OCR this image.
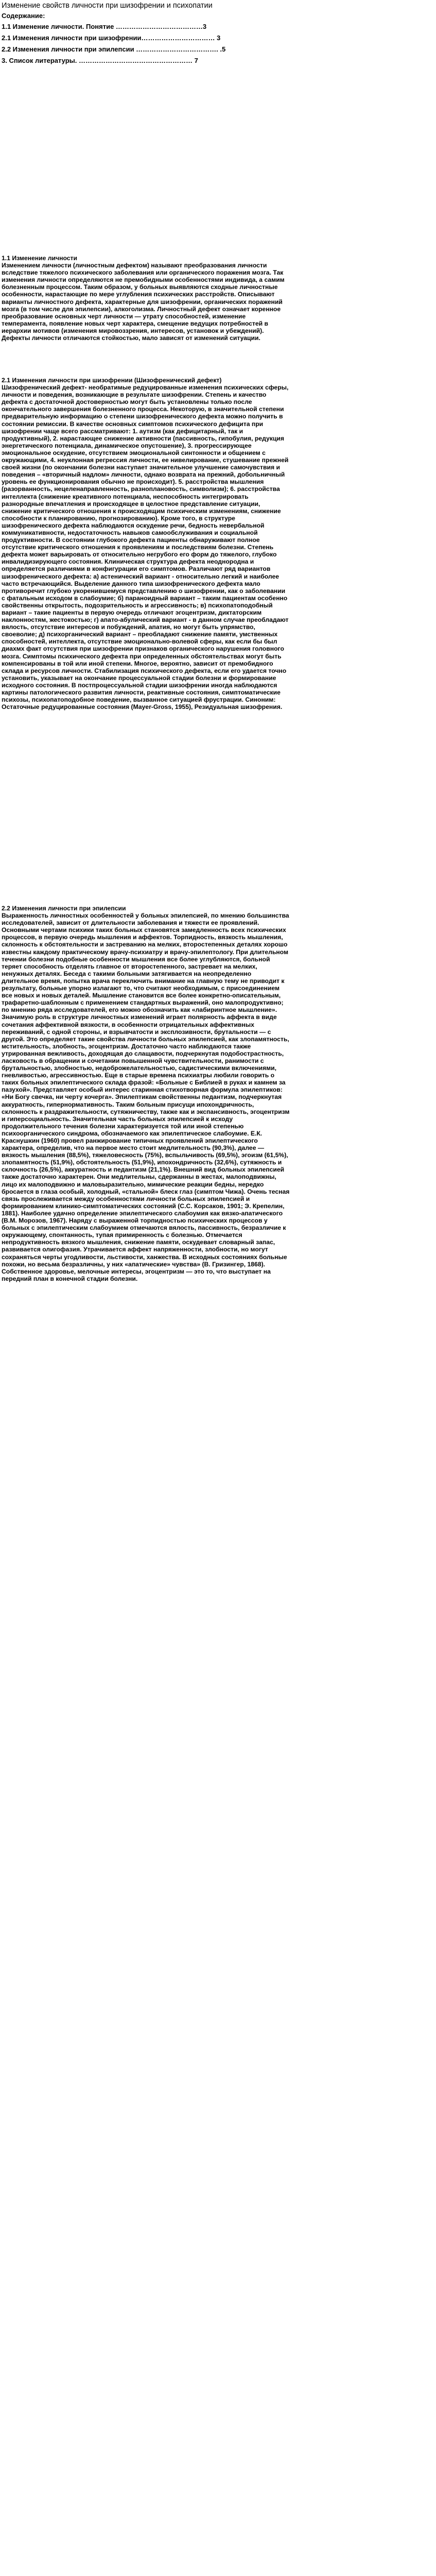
Изменение свойств личности при шизофрении и психопатии
Содержание:
1.1 Изменение личности. Понятие …………………………………3
2.1 Изменения личности при шизофрении…………………………… 3
2.2 Изменения личности при эпилепсии ………………………………. .5
3. Список литературы. …………………………………………… 7

1.1 Изменение личности

Изменением личности (личностным дефектом) называют преобразования личности вследствие тяжелого психического заболевания или органического поражения мозга. Так изменения личности определяются не премобидными особенностями индивида, а самим болезненным процессом. Таким образом, у больных выявляются сходные личностные особенности, нарастающие по мере углубления психических расстройств. Описывают варианты личностного дефекта, характерные для шизофрении, органических поражений мозга (в том числе для эпилепсии), алкоголизма. Личностный дефект означает коренное преобразование основных черт личности — утрату способностей, изменение темперамента, появление новых черт характера, смещение ведущих потребностей в иерархии мотивов (изменения мировоззрения, интересов, установок и убеждений). Дефекты личности отличаются стойкостью, мало зависят от изменений ситуации.

2.1 Изменения личности при шизофрении (Шизофренический дефект)

Шизофренический дефект- необратимые редуцированные изменения психических сферы, личности и поведения, возникающие в результате шизофрении. Степень и качество дефекта с достаточной достоверностью могут быть установлены только после окончательного завершения болезненного процесса. Некоторую, в значительной степени предварительную информацию о степени шизофренического дефекта можно получить в состоянии ремиссии. В качестве основных симптомов психического дефицита при шизофрении чаще всего рассматривают: 1. аутизм (как дефицитарный, так и продуктивный), 2. нарастающее снижение активности (пассивность, гипобулия, редукция энергетического потенциала, динамическое опустошение), 3. прогрессирующее эмоциональное оскудение, отсутствием эмоциональной синтонности и общением с окружающими, 4. неуклонная регрессия личности, ее нивелирование, стушевание прежней своей жизни (по окончании болезни наступает значительное улучшение самочувствия и поведения – «вторичный надлом» личности, однако возврата на прежний, добольничный уровень ее функционирования обычно не происходит). 5. расстройства мышления (разорванность, нецеленаправленность, разноплановость, символизм); 6. расстройства интеллекта (снижение креативного потенциала, неспособность интегрировать разнородные впечатления и происходящее в целостное представление ситуации, снижение критического отношения к происходящим психическим изменениям, снижение способности к планированию, прогнозированию). Кроме того, в структуре шизофренического дефекта наблюдаются оскудение речи, бедность невербальной коммуникативности, недостаточность навыков самообслуживания и социальной продуктивности. В состоянии глубокого дефекта пациенты обнаруживают полное отсутствие критического отношения к проявлениям и последствиям болезни. Степень дефекта может варьировать от относительно негрубого его форм до тяжелого, глубоко инвалидизирующего состояния. Клиническая структура дефекта неоднородна и определяется различиями в конфигурации его симптомов. Различают ряд вариантов шизофренического дефекта: а) астенический вариант - относительно легкий и наиболее часто встречающийся. Выделение данного типа шизофренического дефекта мало противоречит глубоко укоренившемуся представлению о шизофрении, как о заболевании с фатальным исходом в слабоумие; б) параноидный вариант – таким пациентам особенно свойственны открытость, подозрительность и агрессивность; в) психопатоподобный вариант – такие пациенты в первую очередь отличают эгоцентризм, диктаторским наклонностям, жестокостью; г) апато-абулический вариант - в данном случае преобладают вялость, отсутствие интересов и побуждений, апатия, но могут быть упрямство, своеволие; д) психорганический вариант – преобладают снижение памяти, умственных способностей, интеллекта, отсутствие эмоционально-волевой сферы, как если бы был диахмх факт отсутствия при шизофрении признаков органического нарушения головного мозга. Симптомы психического дефекта при определенных обстоятельствах могут быть компенсированы в той или иной степени. Многое, вероятно, зависит от премобидного склада и ресурсов личности. Стабилизация психического дефекта, если его удается точно установить, указывает на окончание процессуальной стадии болезни и формирование исходного состояния. В постпроцессуальной стадии шизофрении иногда наблюдаются картины патологического развития личности, реактивные состояния, симптоматические психозы, психопатоподобное поведение, вызванное ситуацией фрустрации. Синоним: Остаточные редуцированные состояния (Mayer-Gross, 1955), Резидуальная шизофрения.

2.2 Изменения личности при эпилепсии

Выраженность личностных особенностей у больных эпилепсией, по мнению большинства исследователей, зависит от длительности заболевания и тяжести ее проявлений. Основными чертами психики таких больных становятся замедленность всех психических процессов, в первую очередь мышления и аффектов. Торпидность, вязкость мышления, склонность к обстоятельности и застреванию на мелких, второстепенных деталях хорошо известны каждому практическому врачу-психиатру и врачу-эпилептологу. При длительном течении болезни подобные особенности мышления все более углубляются, больной теряет способность отделять главное от второстепенного, застревает на мелких, ненужных деталях. Беседа с такими больными затягивается на неопределенно длительное время, попытка врача переключить внимание на главную тему не приводит к результату, больные упорно излагают то, что считают необходимым, с присоединением все новых и новых деталей. Мышление становится все более конкретно-описательным, трафаретно-шаблонным с применением стандартных выражений, оно малопродуктивно; по мнению ряда исследователей, его можно обозначить как «лабиринтное мышление». Значимую роль в структуре личностных изменений играет полярность аффекта в виде сочетания аффективной вязкости, в особенности отрицательных аффективных переживаний, с одной стороны, и взрывчатости и эксплозивности, брутальности — с другой. Это определяет такие свойства личности больных эпилепсией, как злопамятность, мстительность, злобность, эгоцентризм. Достаточно часто наблюдаются также утрированная вежливость, доходящая до слащавости, подчеркнутая подобострастность, ласковость в обращении и сочетании повышенной чувствительности, ранимости с брутальностью, злобностью, недоброжелательностью, садистическими включениями, гневливостью, агрессивностью. Еще в старые времена психиатры любили говорить о таких больных эпилептического склада фразой: «Больные с Библией в руках и камнем за пазухой». Представляет особый интерес старинная стихотворная формула эпилептиков: «Ни Богу свечка, ни черту кочерга». Эпилептикам свойственны педантизм, подчеркнутая аккуратность, гипернормативность. Таким больным присущи ипохондричность, склонность к раздражительности, сутяжничеству, также как и экспансивность, эгоцентризм и гиперсоциальность. Значительная часть больных эпилепсией к исходу продолжительного течения болезни характеризуется той или иной степенью психоорганического синдрома, обозначаемого как эпилептическое слабоумие. Е.К. Краснушкин (1960) провел ранжирование типичных проявлений эпилептического характера, определив, что на первое место стоит медлительность (90,3%), далее — вязкость мышления (88,5%), тяжеловесность (75%), вспыльчивость (69,5%), эгоизм (61,5%), злопамятность (51,9%), обстоятельность (51,9%), ипохондричность (32,6%), сутяжность и склочность (26,5%), аккуратность и педантизм (21,1%). Внешний вид больных эпилепсией также достаточно характерен. Они медлительны, сдержанны в жестах, малоподвижны, лицо их малоподвижно и маловыразительно, мимические реакции бедны, нередко бросается в глаза особый, холодный, «стальной» блеск глаз (симптом Чижа). Очень тесная связь прослеживается между особенностями личности больных эпилепсией и формированием клинико-симптоматических состояний (С.С. Корсаков, 1901; Э. Крепелин, 1881). Наиболее удачно определение эпилептического слабоумия как вязко-апатического (В.М. Морозов, 1967). Наряду с выраженной торпидностью психических процессов у больных с эпилептическим слабоумием отмечаются вялость, пассивность, безразличие к окружающему, спонтанность, тупая примиренность с болезнью. Отмечается непродуктивность вязкого мышления, снижение памяти, оскудевает словарный запас, развивается олигофазия. Утрачивается аффект напряженности, злобности, но могут сохраняться черты угодливости, льстивости, ханжества. В исходных состояниях больные похожи, но весьма безразличны, у них «апатические» чувства» (В. Гризингер, 1868). Собственное здоровье, мелочные интересы, эгоцентризм — это то, что выступает на передний план в конечной стадии болезни.
